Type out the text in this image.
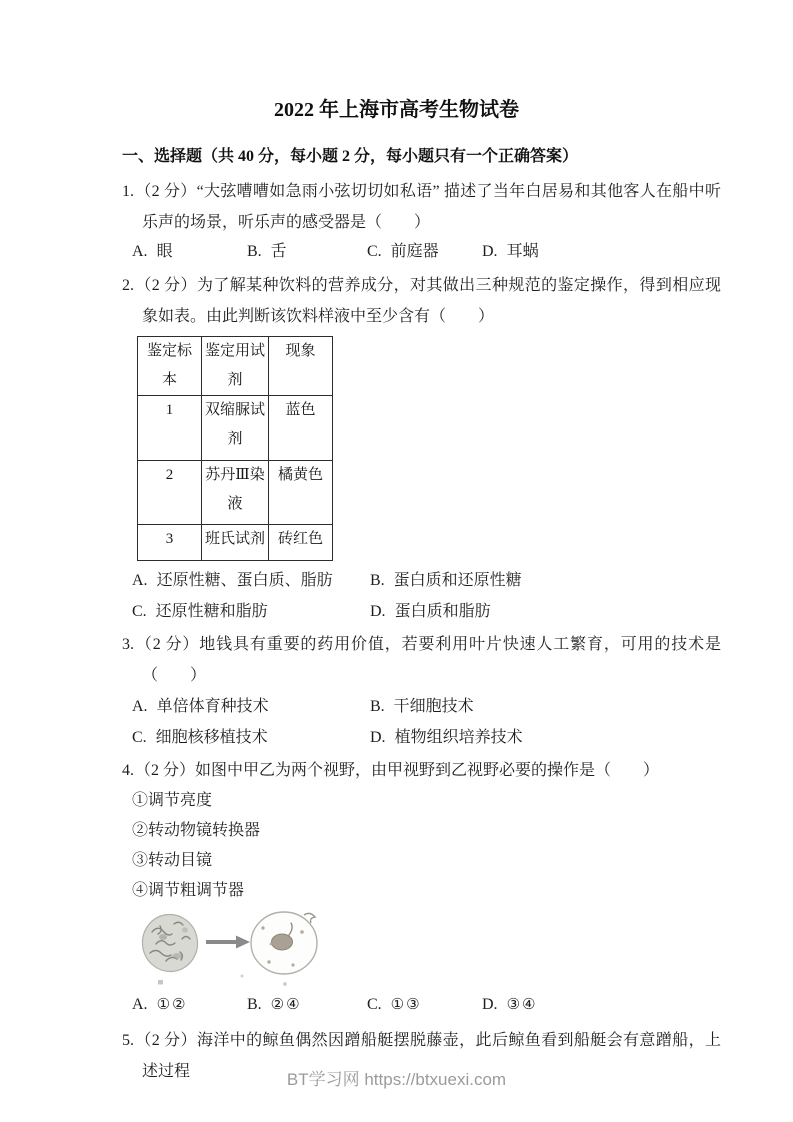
2022 年上海市高考生物试卷
一、选择题（共 40 分，每小题 2 分，每小题只有一个正确答案）
1.（2 分）“大弦嘈嘈如急雨小弦切切如私语” 描述了当年白居易和其他客人在船中听乐声的场景，听乐声的感受器是（　　）
A. 眼	B. 舌	C. 前庭器	D. 耳蜗
2.（2 分）为了解某种饮料的营养成分，对其做出三种规范的鉴定操作，得到相应现象如表。由此判断该饮料样液中至少含有（　　）
鉴定标本	鉴定用试剂	现象
1	双缩脲试剂	蓝色
2	苏丹Ⅲ染液	橘黄色
3	班氏试剂	砖红色
A. 还原性糖、蛋白质、脂肪	B. 蛋白质和还原性糖
C. 还原性糖和脂肪	D. 蛋白质和脂肪
3.（2 分）地钱具有重要的药用价值，若要利用叶片快速人工繁育，可用的技术是（　　）
A. 单倍体育种技术	B. 干细胞技术
C. 细胞核移植技术	D. 植物组织培养技术
4.（2 分）如图中甲乙为两个视野，由甲视野到乙视野必要的操作是（　　）
①调节亮度
②转动物镜转换器
③转动目镜
④调节粗调节器
A. ①②	B. ②④	C. ①③	D. ③④
5.（2 分）海洋中的鲸鱼偶然因蹭船艇摆脱藤壶，此后鲸鱼看到船艇会有意蹭船，上述过程	BT学习网 https://btxuexi.com
